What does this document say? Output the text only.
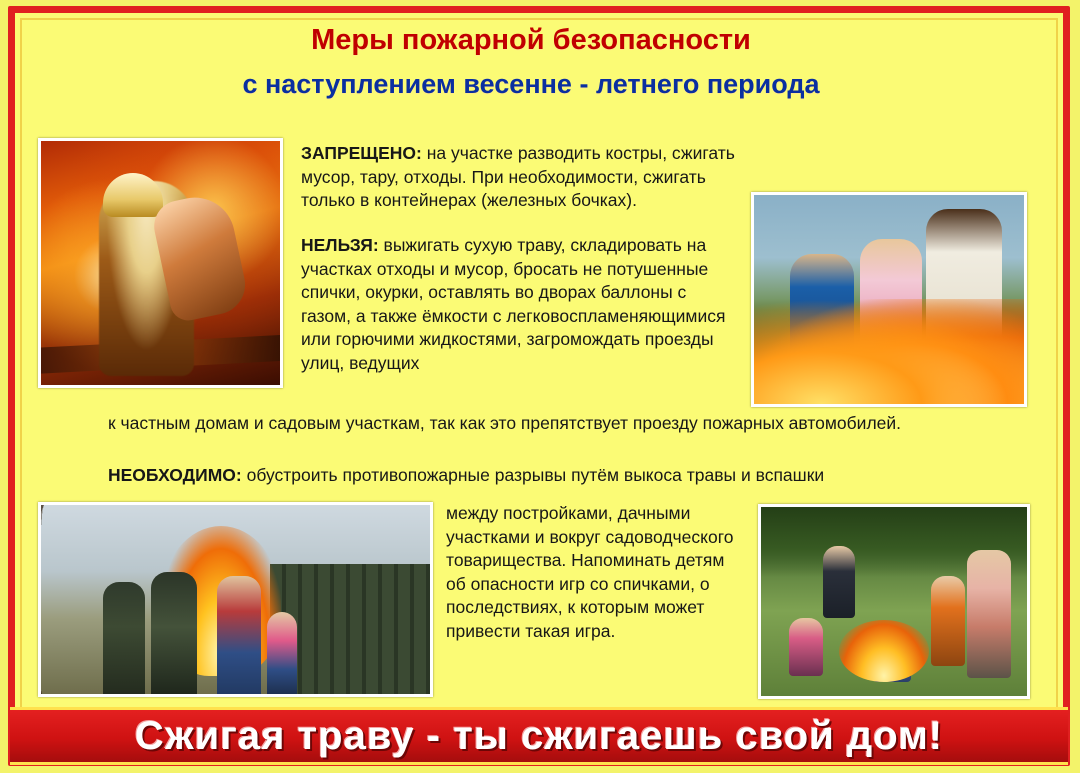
Меры пожарной безопасности
с наступлением весенне - летнего периода
ЗАПРЕЩЕНО: на участке разводить костры, сжигать мусор, тару, отходы. При необходимости, сжигать только в контейнерах (железных бочках).
НЕЛЬЗЯ: выжигать сухую траву, складировать на участках отходы и мусор, бросать не потушенные спички, окурки, оставлять во дворах баллоны с газом, а также ёмкости с легковоспламеняющимися или горючими жидкостями, загромождать проезды улиц, ведущих
к частным домам и садовым участкам, так как это препятствует проезду пожарных автомобилей.
НЕОБХОДИМО: обустроить противопожарные разрывы путём выкоса травы и вспашки
между постройками, дачными участками и вокруг садоводческого товарищества. Напоминать детям об опасности игр со спичками, о последствиях, к которым может привести такая игра.
Сжигая траву - ты сжигаешь свой дом!
